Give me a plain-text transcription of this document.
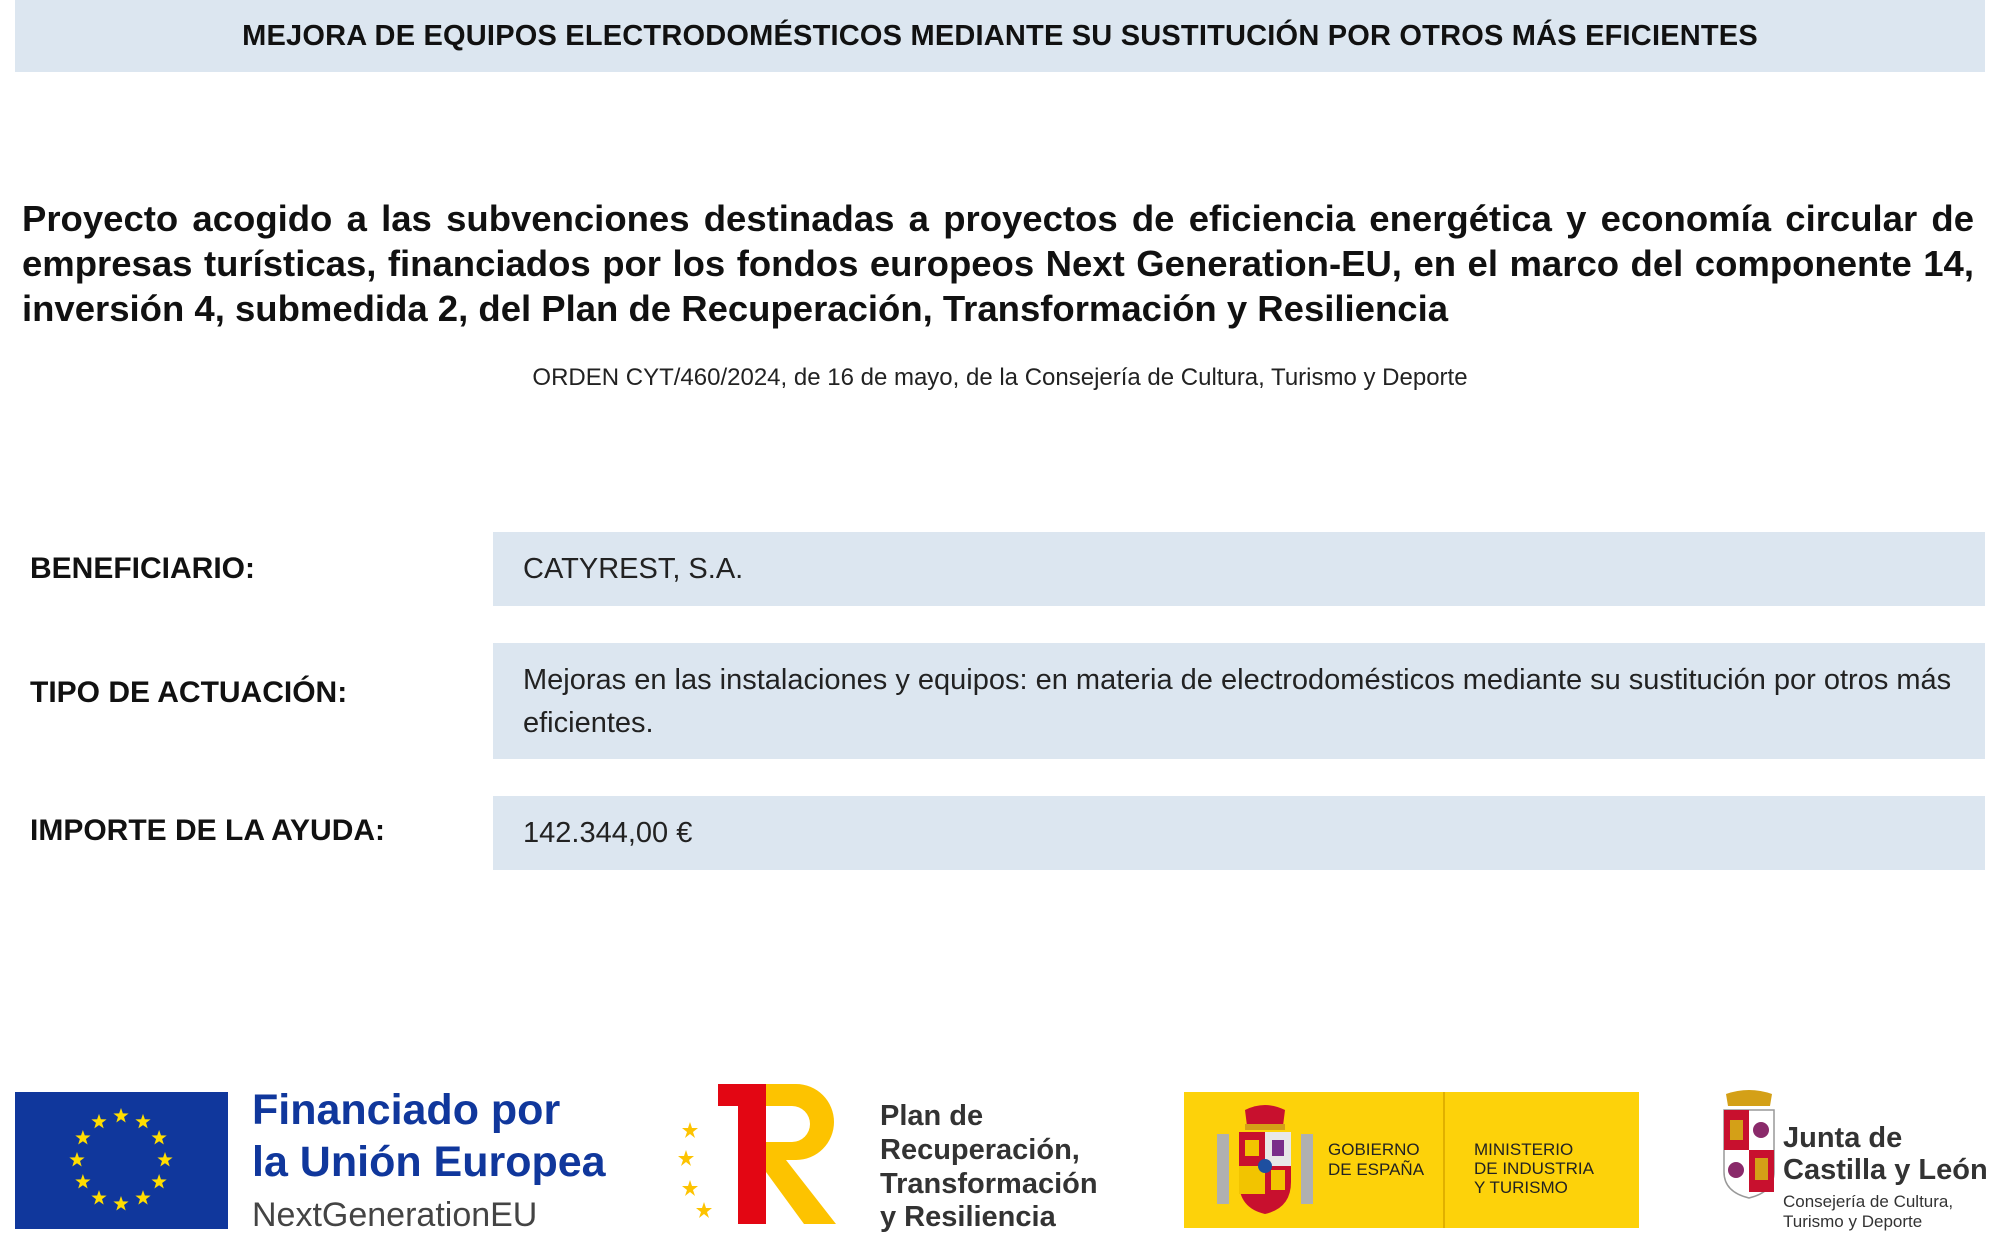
MEJORA DE EQUIPOS ELECTRODOMÉSTICOS MEDIANTE SU SUSTITUCIÓN POR OTROS MÁS EFICIENTES
Proyecto acogido a las subvenciones destinadas a proyectos de eficiencia energética y economía circular de empresas turísticas, financiados por los fondos europeos Next Generation-EU, en el marco del componente 14, inversión 4, submedida 2, del Plan de Recuperación, Transformación y Resiliencia
ORDEN CYT/460/2024, de 16 de mayo, de la Consejería de Cultura, Turismo y Deporte
BENEFICIARIO:	CATYREST, S.A.
TIPO DE ACTUACIÓN:	Mejoras en las instalaciones y equipos: en materia de electrodomésticos mediante su sustitución por otros más eficientes.
IMPORTE DE LA AYUDA:	142.344,00 €
Financiado por
la Unión Europea
NextGenerationEU
Plan de
Recuperación,
Transformación
y Resiliencia
GOBIERNO
DE ESPAÑA
MINISTERIO
DE INDUSTRIA
Y TURISMO
Junta de
Castilla y León
Consejería de Cultura,
Turismo y Deporte
